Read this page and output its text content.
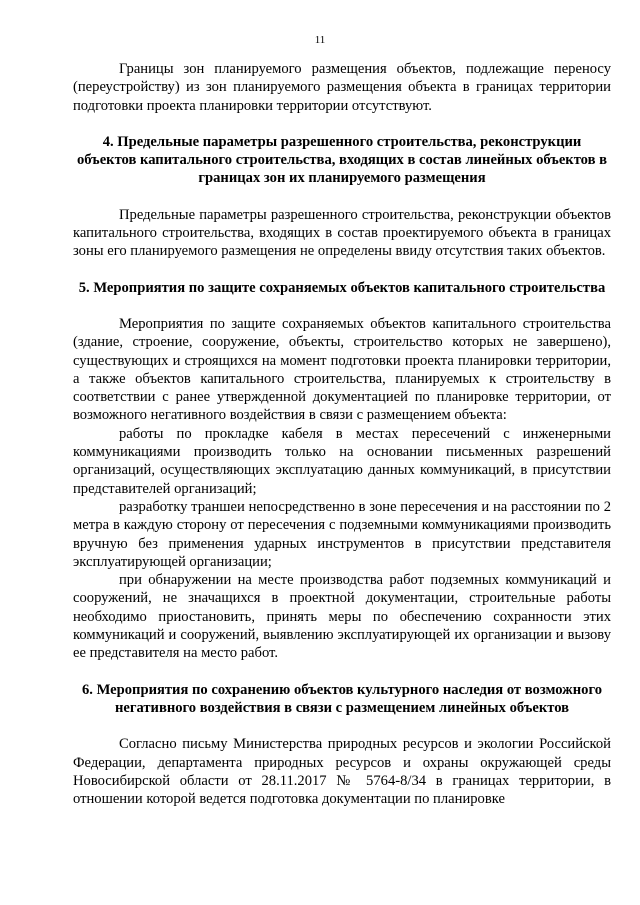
11

Границы зон планируемого размещения объектов, подлежащие переносу (переустройству) из зон планируемого размещения объекта в границах территории подготовки проекта планировки территории отсутствуют.

4. Предельные параметры разрешенного строительства, реконструкции объектов капитального строительства, входящих в состав линейных объектов в границах зон их планируемого размещения

Предельные параметры разрешенного строительства, реконструкции объектов капитального строительства, входящих в состав проектируемого объекта в границах зоны его планируемого размещения не определены ввиду отсутствия таких объектов.

5. Мероприятия по защите сохраняемых объектов капитального строительства

Мероприятия по защите сохраняемых объектов капитального строительства (здание, строение, сооружение, объекты, строительство которых не завершено), существующих и строящихся на момент подготовки проекта планировки территории, а также объектов капитального строительства, планируемых к строительству в соответствии с ранее утвержденной документацией по планировке территории, от возможного негативного воздействия в связи с размещением объекта:

работы по прокладке кабеля в местах пересечений с инженерными коммуникациями производить только на основании письменных разрешений организаций, осуществляющих эксплуатацию данных коммуникаций, в присутствии представителей организаций;

разработку траншеи непосредственно в зоне пересечения и на расстоянии по 2 метра в каждую сторону от пересечения с подземными коммуникациями производить вручную без применения ударных инструментов в присутствии представителя эксплуатирующей организации;

при обнаружении на месте производства работ подземных коммуникаций и сооружений, не значащихся в проектной документации, строительные работы необходимо приостановить, принять меры по обеспечению сохранности этих коммуникаций и сооружений, выявлению эксплуатирующей их организации и вызову ее представителя на место работ.

6. Мероприятия по сохранению объектов культурного наследия от возможного негативного воздействия в связи с размещением линейных объектов

Согласно письму Министерства природных ресурсов и экологии Российской Федерации, департамента природных ресурсов и охраны окружающей среды Новосибирской области от 28.11.2017 № 5764-8/34 в границах территории, в отношении которой ведется подготовка документации по планировке
